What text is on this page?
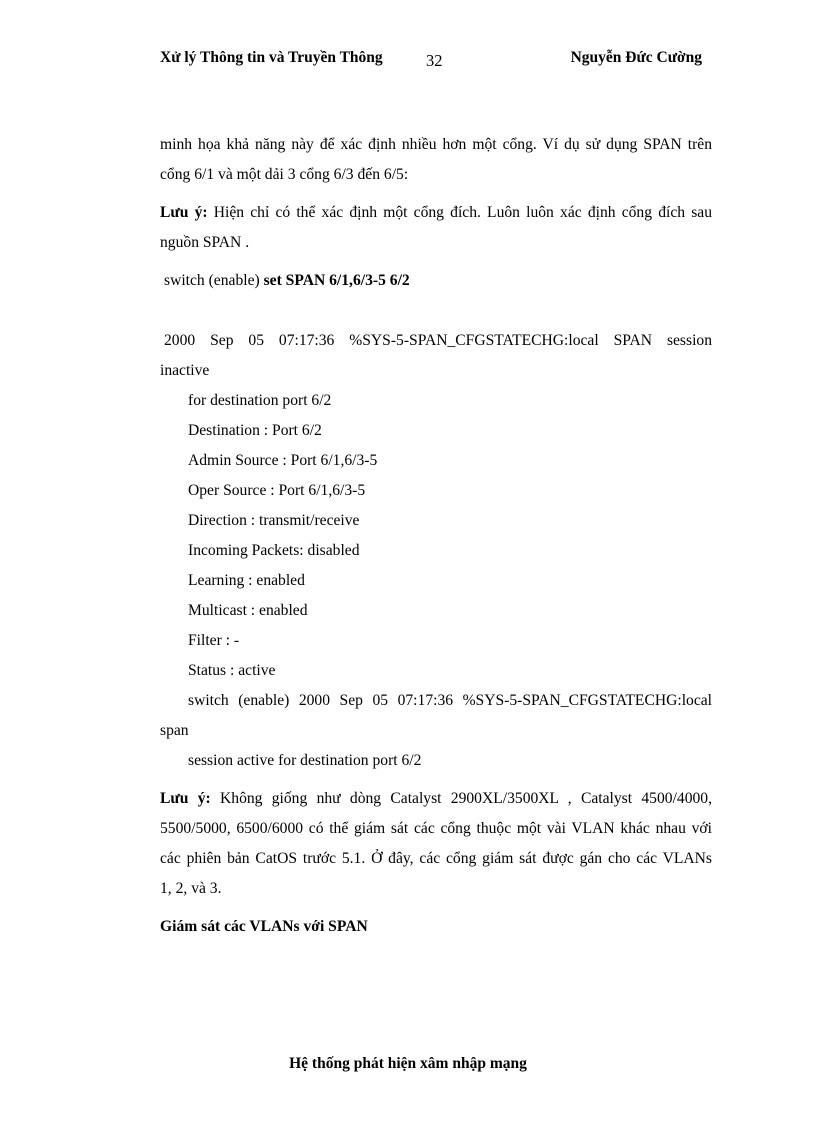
Xử lý Thông tin và Truyền Thông	32	Nguyễn Đức Cường

minh họa khả năng này để xác định nhiều hơn một cổng. Ví dụ sử dụng SPAN trên

cổng 6/1 và một dải 3 cổng 6/3 đến 6/5:

Lưu ý: Hiện chỉ có thể xác định một cổng đích. Luôn luôn xác định cổng đích sau

nguồn SPAN .

switch (enable) set SPAN 6/1,6/3-5 6/2

2000 Sep 05 07:17:36 %SYS-5-SPAN_CFGSTATECHG:local SPAN session

inactive

for destination port 6/2

Destination : Port 6/2

Admin Source : Port 6/1,6/3-5

Oper Source : Port 6/1,6/3-5

Direction : transmit/receive

Incoming Packets: disabled

Learning : enabled

Multicast : enabled

Filter : -

Status : active

switch (enable) 2000 Sep 05 07:17:36 %SYS-5-SPAN_CFGSTATECHG:local

span

session active for destination port 6/2

Lưu ý: Không giống như dòng Catalyst 2900XL/3500XL , Catalyst 4500/4000,

5500/5000, 6500/6000 có thể giám sát các cổng thuộc một vài VLAN khác nhau với

các phiên bản CatOS trước 5.1. Ở đây, các cổng giám sát được gán cho các VLANs

1, 2, và 3.

Giám sát các VLANs với SPAN

Hệ thống phát hiện xâm nhập mạng
